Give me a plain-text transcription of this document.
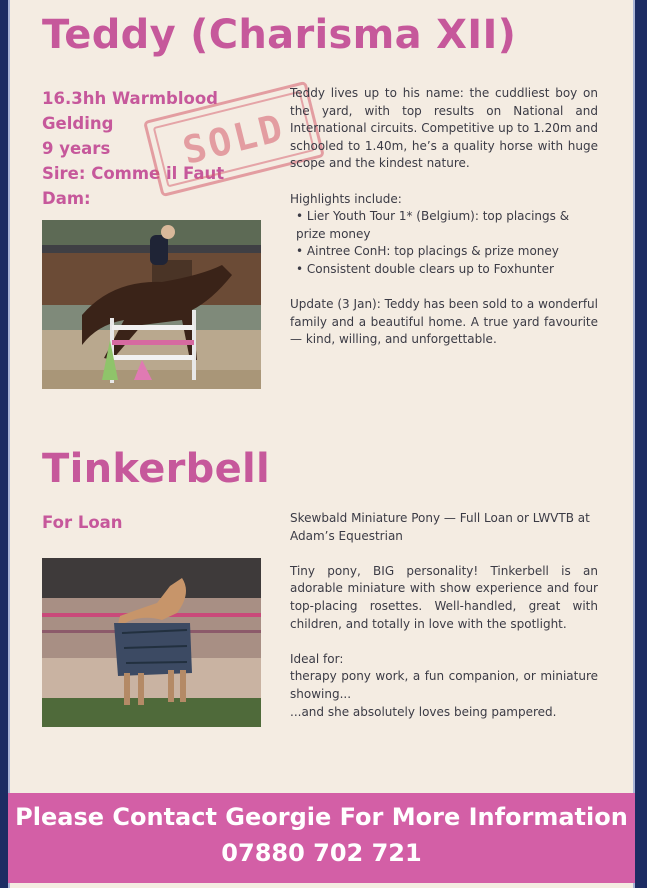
Teddy (Charisma XII)
16.3hh Warmblood
Gelding
9 years
Sire: Comme il Faut
Dam:
SOLD

Teddy lives up to his name: the cuddliest boy on the yard, with top results on National and International circuits. Competitive up to 1.20m and schooled to 1.40m, he’s a quality horse with huge scope and the kindest nature.

Highlights include:

• Lier Youth Tour 1* (Belgium): top placings & prize money
• Aintree ConH: top placings & prize money
• Consistent double clears up to Foxhunter

Update (3 Jan): Teddy has been sold to a wonderful family and a beautiful home. A true yard favourite — kind, willing, and unforgettable.

Tinkerbell
For Loan	Skewbald Miniature Pony — Full Loan or LWVTB at Adam’s Equestrian

Tiny pony, BIG personality! Tinkerbell is an adorable miniature with show experience and four top-placing rosettes. Well-handled, great with children, and totally in love with the spotlight.

Ideal for:

therapy pony work, a fun companion, or miniature showing...

...and she absolutely loves being pampered.

Please Contact Georgie For More Information
07880 702 721
